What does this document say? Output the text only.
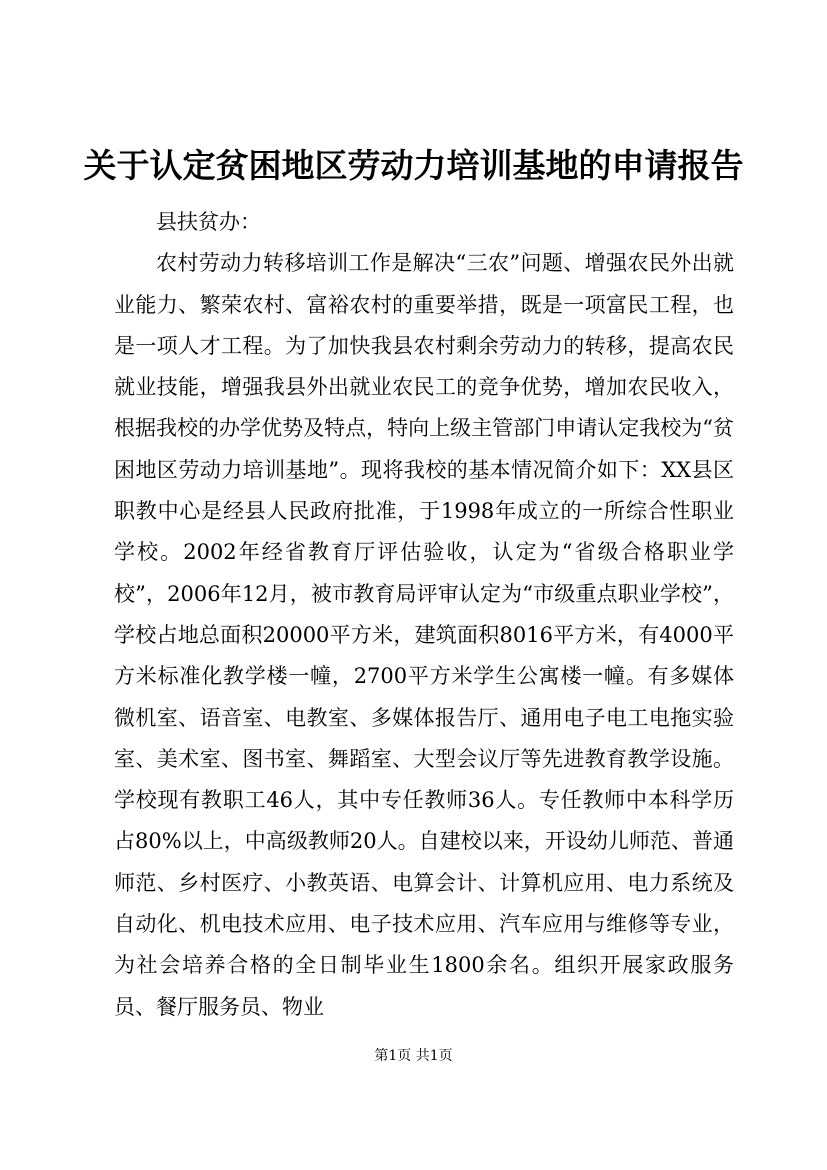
关于认定贫困地区劳动力培训基地的申请报告
县扶贫办：
农村劳动力转移培训工作是解决“三农”问题、增强农民外出就业能力、繁荣农村、富裕农村的重要举措，既是一项富民工程，也是一项人才工程。为了加快我县农村剩余劳动力的转移，提高农民就业技能，增强我县外出就业农民工的竞争优势，增加农民收入，根据我校的办学优势及特点，特向上级主管部门申请认定我校为“贫困地区劳动力培训基地”。现将我校的基本情况简介如下：XX县区职教中心是经县人民政府批准，于1998年成立的一所综合性职业学校。2002年经省教育厅评估验收，认定为“省级合格职业学校”，2006年12月，被市教育局评审认定为“市级重点职业学校”，学校占地总面积20000平方米，建筑面积8016平方米，有4000平方米标准化教学楼一幢，2700平方米学生公寓楼一幢。有多媒体微机室、语音室、电教室、多媒体报告厅、通用电子电工电拖实验室、美术室、图书室、舞蹈室、大型会议厅等先进教育教学设施。学校现有教职工46人，其中专任教师36人。专任教师中本科学历占80%以上，中高级教师20人。自建校以来，开设幼儿师范、普通师范、乡村医疗、小教英语、电算会计、计算机应用、电力系统及自动化、机电技术应用、电子技术应用、汽车应用与维修等专业，为社会培养合格的全日制毕业生1800余名。组织开展家政服务员、餐厅服务员、物业
第1页 共1页
